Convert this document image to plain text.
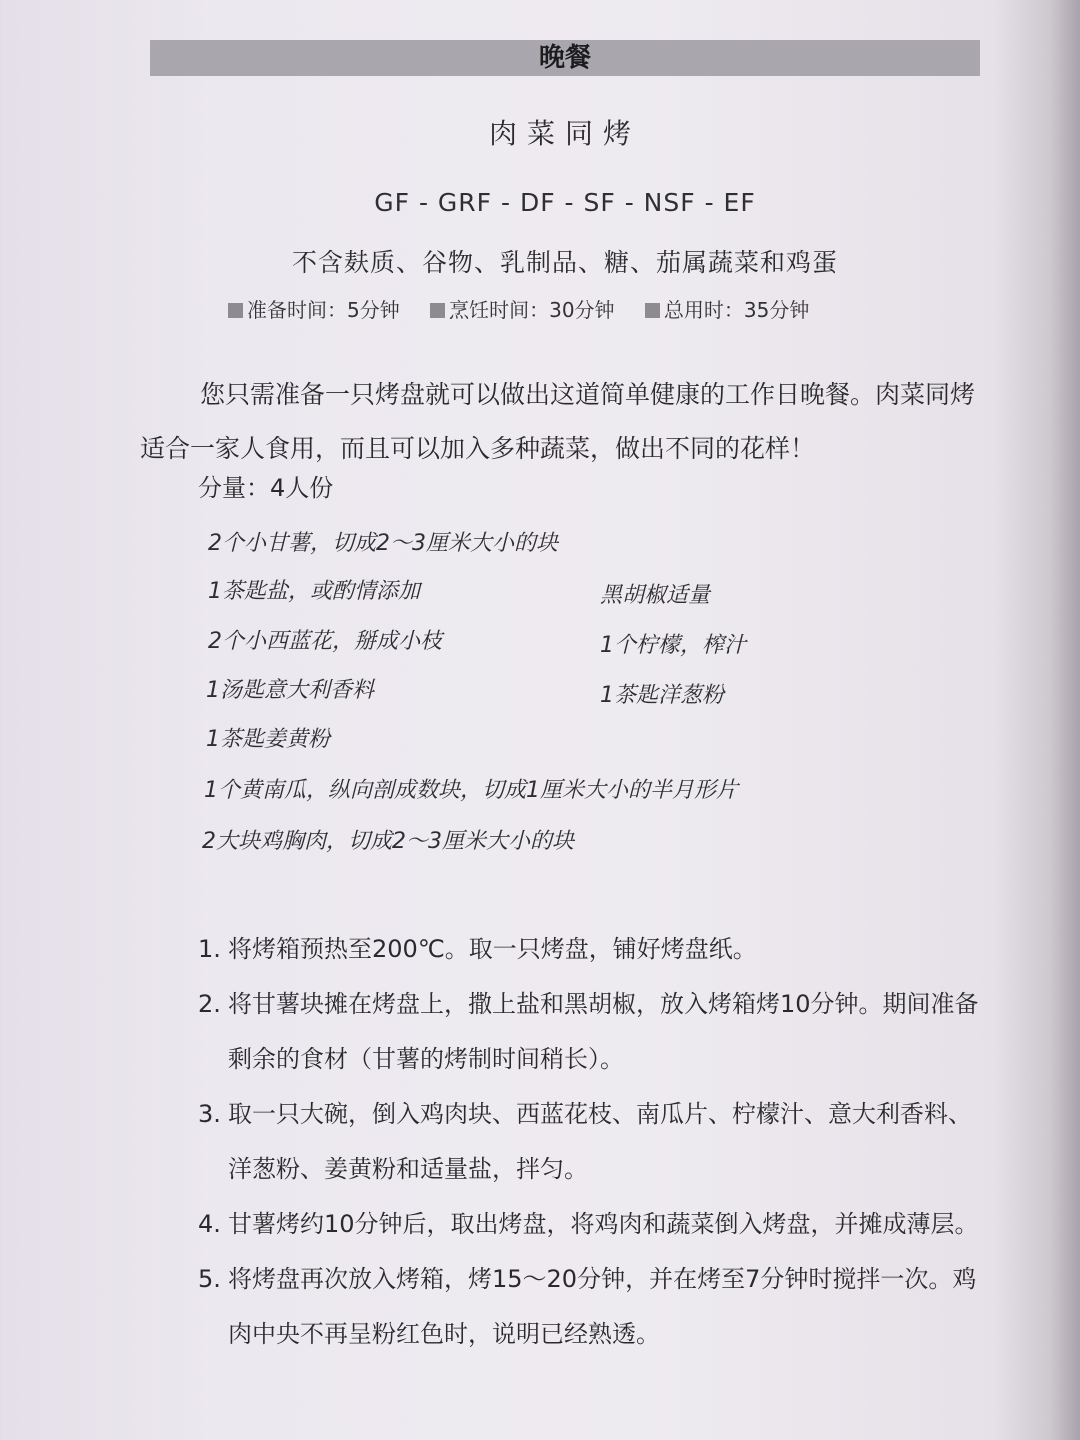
晚餐
肉菜同烤
GF - GRF - DF - SF - NSF - EF
不含麸质、谷物、乳制品、糖、茄属蔬菜和鸡蛋
准备时间：5分钟 烹饪时间：30分钟 总用时：35分钟

您只需准备一只烤盘就可以做出这道简单健康的工作日晚餐。肉菜同烤适合一家人食用，而且可以加入多种蔬菜，做出不同的花样！

分量：4人份
2个小甘薯，切成2～3厘米大小的块
1茶匙盐，或酌情添加	黑胡椒适量
2个小西蓝花，掰成小枝	1个柠檬，榨汁
1汤匙意大利香料	1茶匙洋葱粉
1茶匙姜黄粉
1个黄南瓜，纵向剖成数块，切成1厘米大小的半月形片
2大块鸡胸肉，切成2～3厘米大小的块
1. 将烤箱预热至200℃。取一只烤盘，铺好烤盘纸。
2. 将甘薯块摊在烤盘上，撒上盐和黑胡椒，放入烤箱烤10分钟。期间准备剩余的食材（甘薯的烤制时间稍长）。
3. 取一只大碗，倒入鸡肉块、西蓝花枝、南瓜片、柠檬汁、意大利香料、洋葱粉、姜黄粉和适量盐，拌匀。
4. 甘薯烤约10分钟后，取出烤盘，将鸡肉和蔬菜倒入烤盘，并摊成薄层。
5. 将烤盘再次放入烤箱，烤15～20分钟，并在烤至7分钟时搅拌一次。鸡肉中央不再呈粉红色时，说明已经熟透。
